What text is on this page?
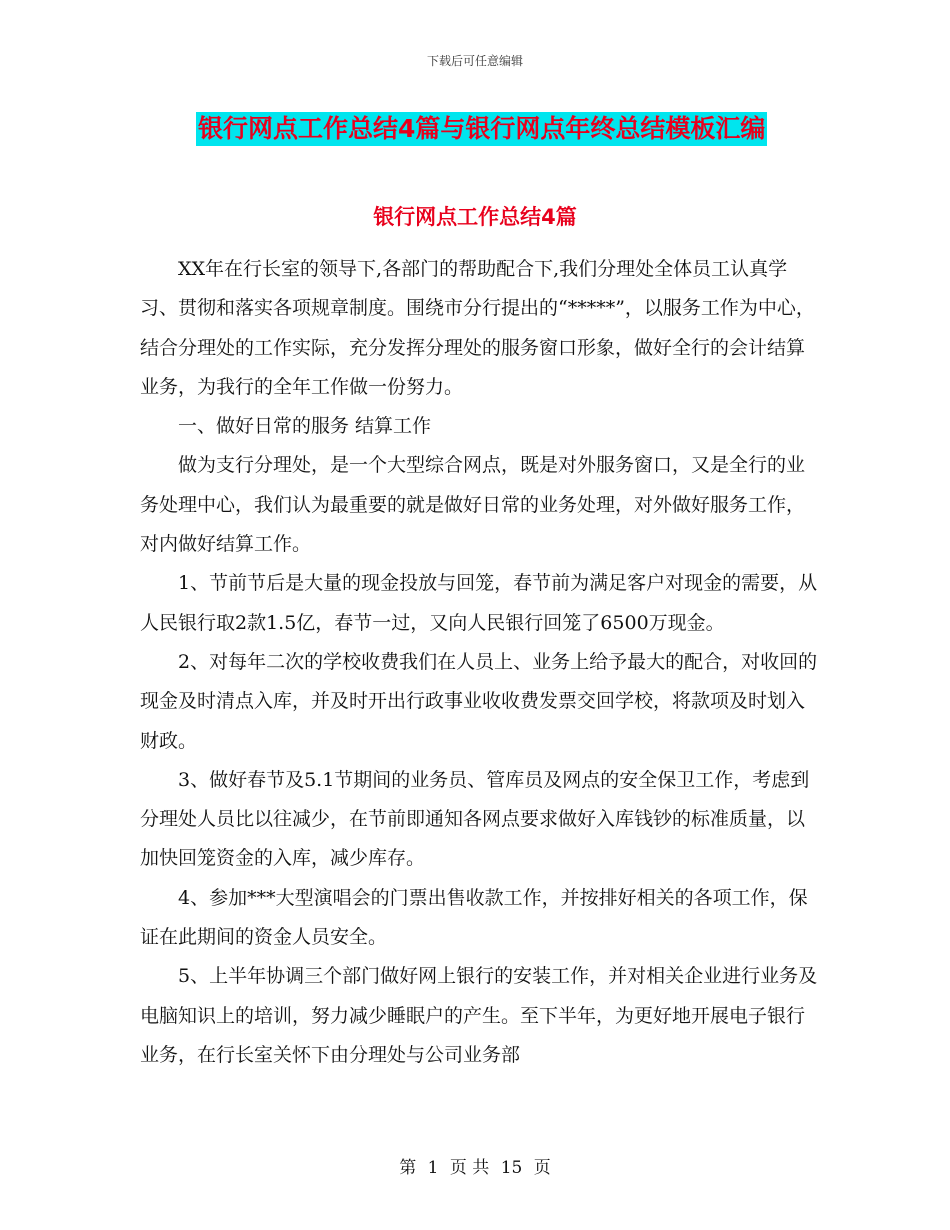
下载后可任意编辑
银行网点工作总结4篇与银行网点年终总结模板汇编
银行网点工作总结4篇

XX年在行长室的领导下,各部门的帮助配合下,我们分理处全体员工认真学习、贯彻和落实各项规章制度。围绕市分行提出的“*****”，以服务工作为中心，结合分理处的工作实际，充分发挥分理处的服务窗口形象，做好全行的会计结算业务，为我行的全年工作做一份努力。

一、做好日常的服务 结算工作

做为支行分理处，是一个大型综合网点，既是对外服务窗口，又是全行的业务处理中心，我们认为最重要的就是做好日常的业务处理，对外做好服务工作，对内做好结算工作。

1、节前节后是大量的现金投放与回笼，春节前为满足客户对现金的需要，从人民银行取2款1.5亿，春节一过，又向人民银行回笼了6500万现金。

2、对每年二次的学校收费我们在人员上、业务上给予最大的配合，对收回的现金及时清点入库，并及时开出行政事业收收费发票交回学校，将款项及时划入财政。

3、做好春节及5.1节期间的业务员、管库员及网点的安全保卫工作，考虑到分理处人员比以往减少，在节前即通知各网点要求做好入库钱钞的标准质量，以加快回笼资金的入库，减少库存。

4、参加***大型演唱会的门票出售收款工作，并按排好相关的各项工作，保证在此期间的资金人员安全。

5、上半年协调三个部门做好网上银行的安装工作，并对相关企业进行业务及电脑知识上的培训，努力减少睡眠户的产生。至下半年，为更好地开展电子银行业务，在行长室关怀下由分理处与公司业务部

第 1 页 共 15 页
